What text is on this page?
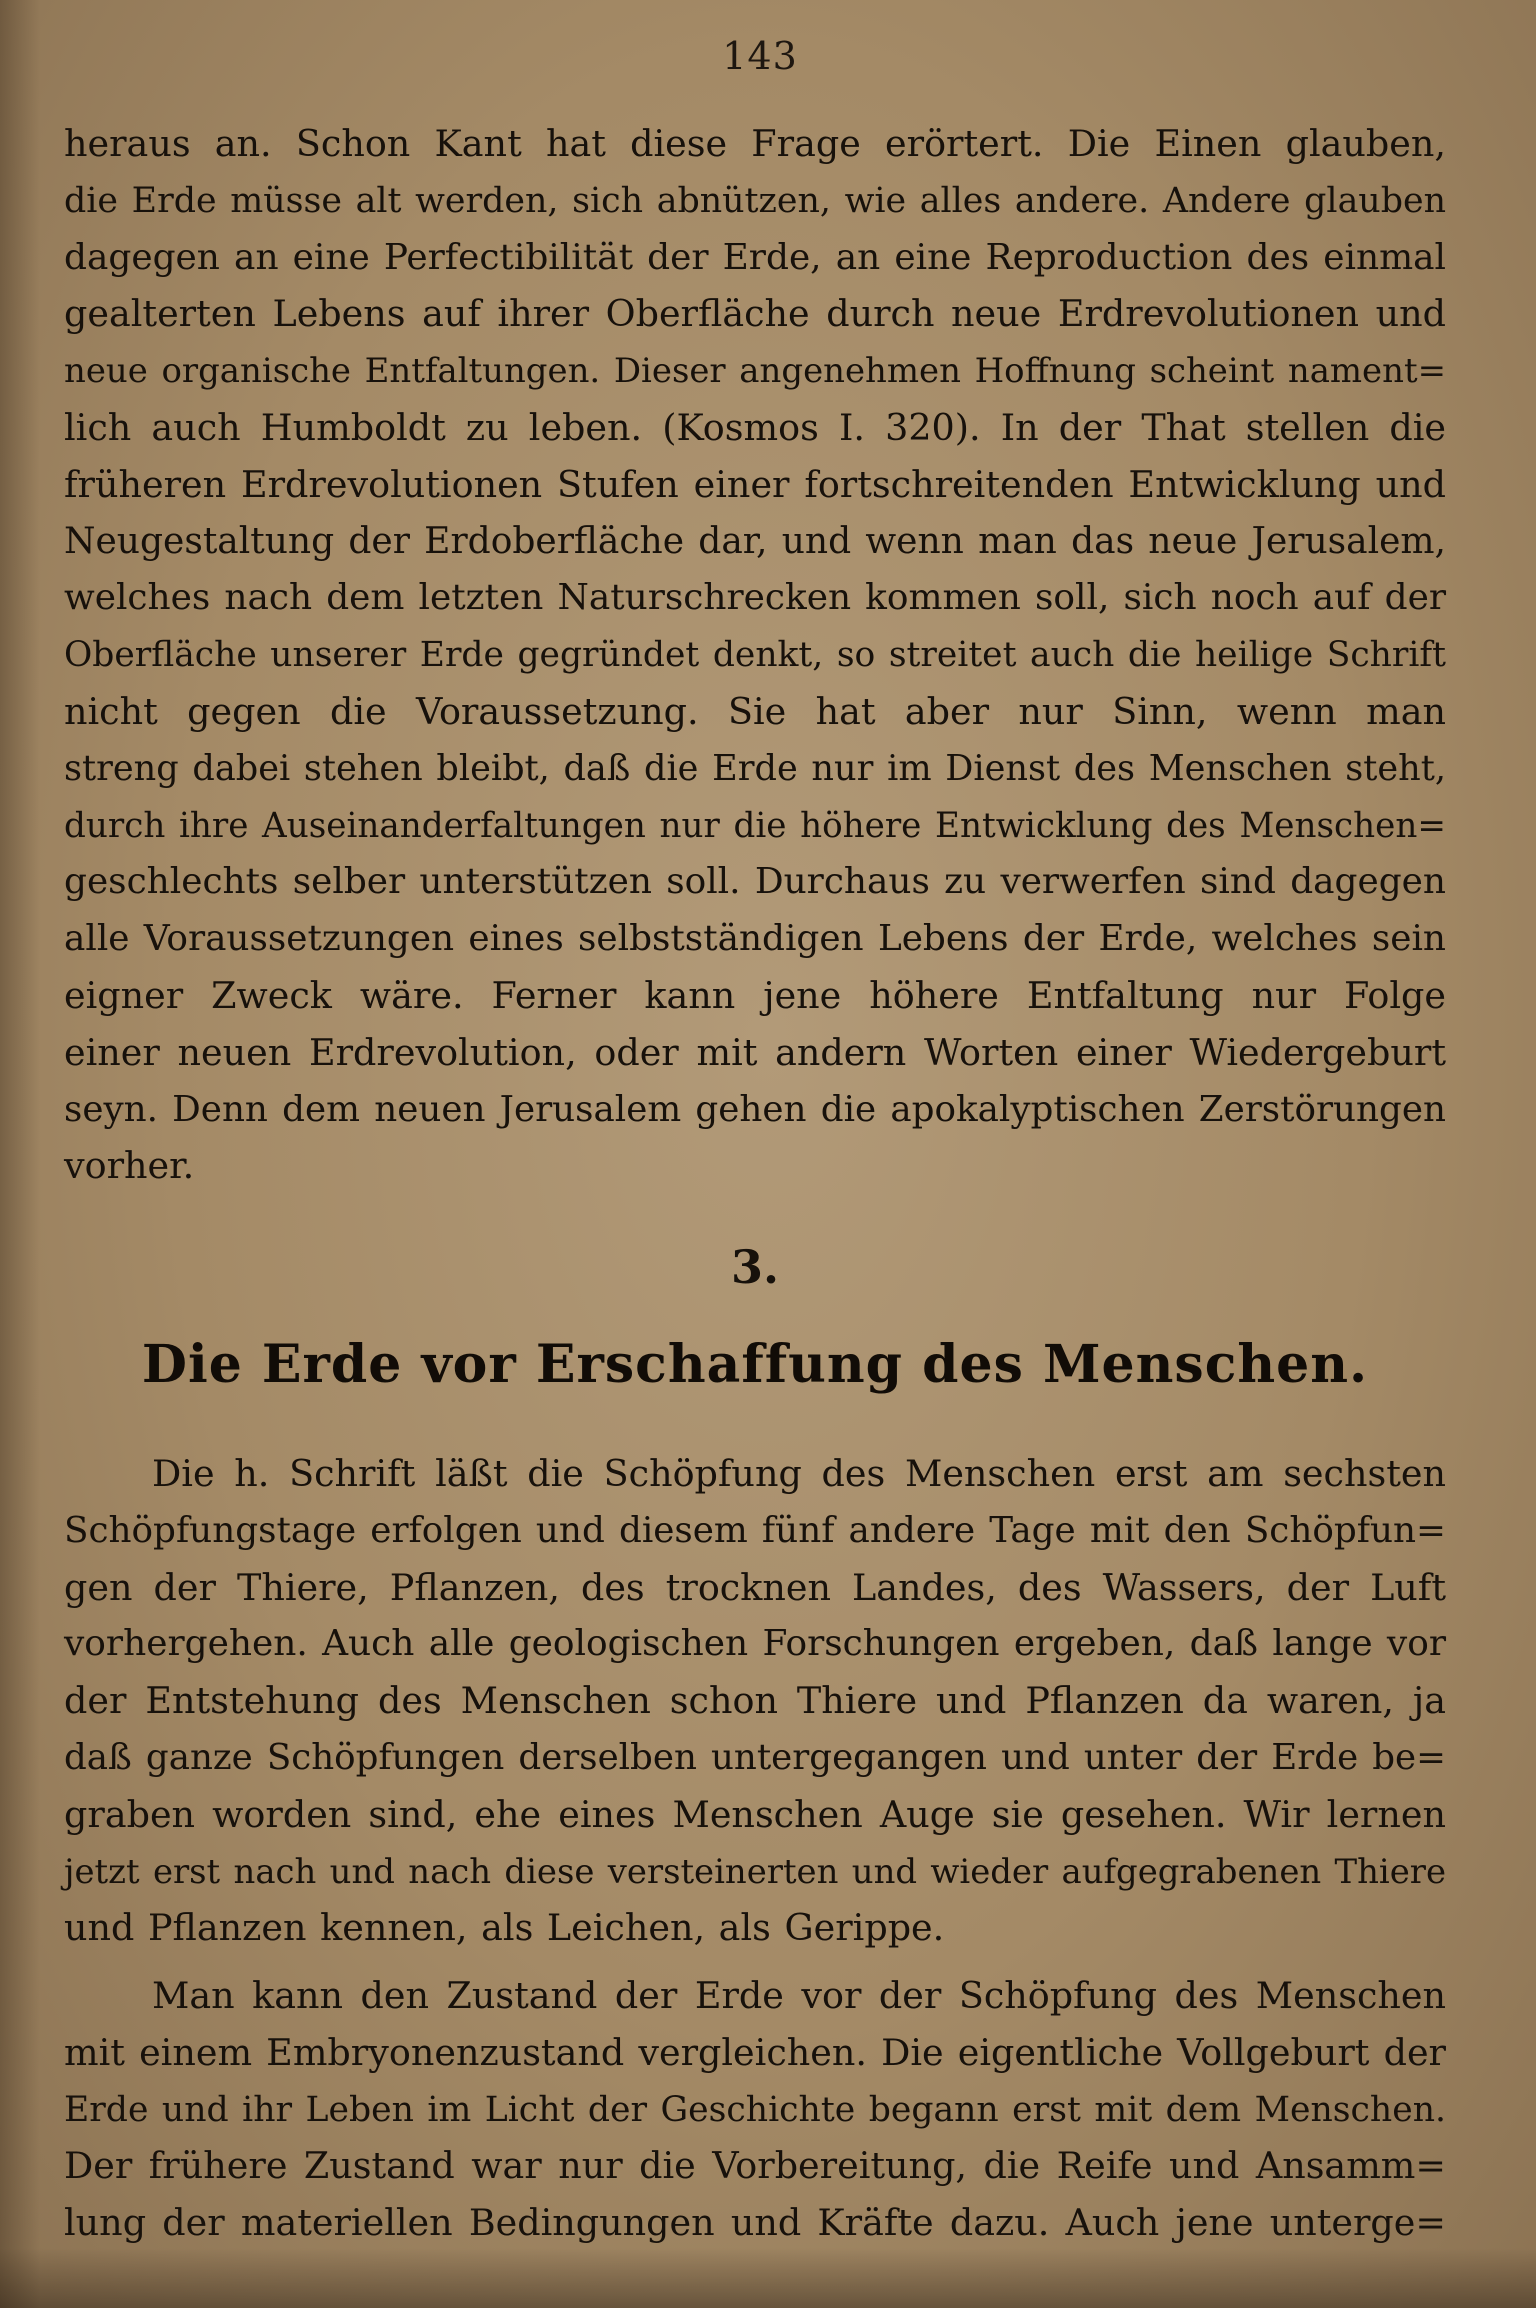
143
heraus an. Schon Kant hat diese Frage erörtert. Die Einen glauben,
die Erde müsse alt werden, sich abnützen, wie alles andere. Andere glauben
dagegen an eine Perfectibilität der Erde, an eine Reproduction des einmal
gealterten Lebens auf ihrer Oberfläche durch neue Erdrevolutionen und
neue organische Entfaltungen. Dieser angenehmen Hoffnung scheint nament=
lich auch Humboldt zu leben. (Kosmos I. 320). In der That stellen die
früheren Erdrevolutionen Stufen einer fortschreitenden Entwicklung und
Neugestaltung der Erdoberfläche dar, und wenn man das neue Jerusalem,
welches nach dem letzten Naturschrecken kommen soll, sich noch auf der
Oberfläche unserer Erde gegründet denkt, so streitet auch die heilige Schrift
nicht gegen die Voraussetzung. Sie hat aber nur Sinn, wenn man
streng dabei stehen bleibt, daß die Erde nur im Dienst des Menschen steht,
durch ihre Auseinanderfaltungen nur die höhere Entwicklung des Menschen=
geschlechts selber unterstützen soll. Durchaus zu verwerfen sind dagegen
alle Voraussetzungen eines selbstständigen Lebens der Erde, welches sein
eigner Zweck wäre. Ferner kann jene höhere Entfaltung nur Folge
einer neuen Erdrevolution, oder mit andern Worten einer Wiedergeburt
seyn. Denn dem neuen Jerusalem gehen die apokalyptischen Zerstörungen
vorher.
3.
Die Erde vor Erschaffung des Menschen.
Die h. Schrift läßt die Schöpfung des Menschen erst am sechsten
Schöpfungstage erfolgen und diesem fünf andere Tage mit den Schöpfun=
gen der Thiere, Pflanzen, des trocknen Landes, des Wassers, der Luft
vorhergehen. Auch alle geologischen Forschungen ergeben, daß lange vor
der Entstehung des Menschen schon Thiere und Pflanzen da waren, ja
daß ganze Schöpfungen derselben untergegangen und unter der Erde be=
graben worden sind, ehe eines Menschen Auge sie gesehen. Wir lernen
jetzt erst nach und nach diese versteinerten und wieder aufgegrabenen Thiere
und Pflanzen kennen, als Leichen, als Gerippe.
Man kann den Zustand der Erde vor der Schöpfung des Menschen
mit einem Embryonenzustand vergleichen. Die eigentliche Vollgeburt der
Erde und ihr Leben im Licht der Geschichte begann erst mit dem Menschen.
Der frühere Zustand war nur die Vorbereitung, die Reife und Ansamm=
lung der materiellen Bedingungen und Kräfte dazu. Auch jene unterge=
